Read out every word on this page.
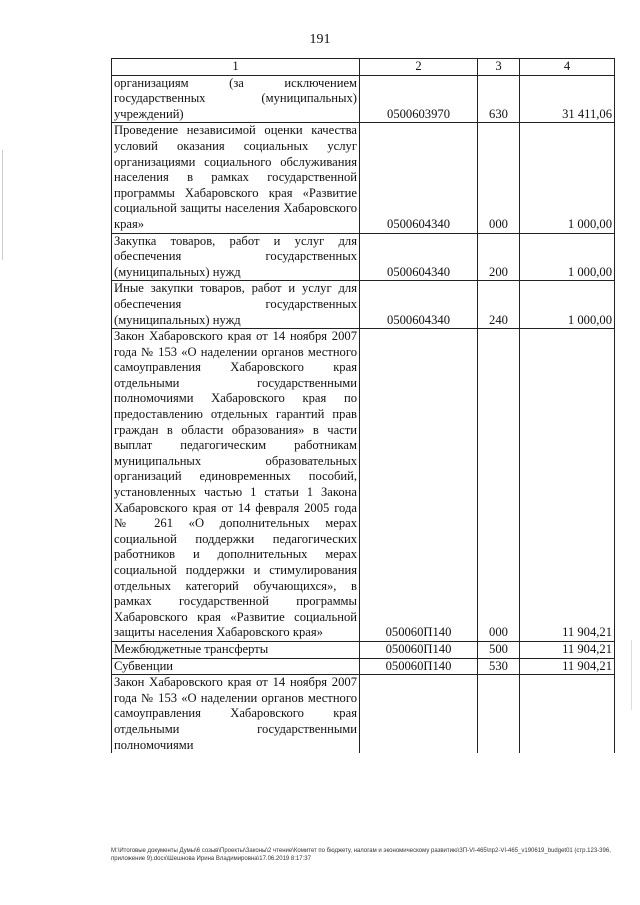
191
1	2	3	4
организациям (за исключением государственных (муниципальных) учреждений)	0500603970	630	31 411,06
Проведение независимой оценки качества условий оказания социальных услуг организациями социального обслуживания населения в рамках государственной программы Хабаровского края «Развитие социальной защиты населения Хабаровского края»	0500604340	000	1 000,00
Закупка товаров, работ и услуг для обеспечения государственных (муниципальных) нужд	0500604340	200	1 000,00
Иные закупки товаров, работ и услуг для обеспечения государственных (муниципальных) нужд	0500604340	240	1 000,00
Закон Хабаровского края от 14 ноября 2007 года № 153 «О наделении органов местного самоуправления Хабаровского края отдельными государственными полномочиями Хабаровского края по предоставлению отдельных гарантий прав граждан в области образования» в части выплат педагогическим работникам муниципальных образовательных организаций единовременных пособий, установленных частью 1 статьи 1 Закона Хабаровского края от 14 февраля 2005 года № 261 «О дополнительных мерах социальной поддержки педагогических работников и дополнительных мерах социальной поддержки и стимулирования отдельных категорий обучающихся», в рамках государственной программы Хабаровского края «Развитие социальной защиты населения Хабаровского края»	050060П140	000	11 904,21
Межбюджетные трансферты	050060П140	500	11 904,21
Субвенции	050060П140	530	11 904,21
Закон Хабаровского края от 14 ноября 2007 года № 153 «О наделении органов местного самоуправления Хабаровского края отдельными государственными полномочиями			
М:\Итоговые документы Думы\6 созыв\Проекты\Законы\2 чтение\Комитет по бюджету, налогам и экономическому развитию\ЗП-VI-465\пр2-VI-465_v190619_budget01 (стр.123-396, приложение 9).docx\Шешнова Ирина Владимировна\17.06.2019 8:17:37
